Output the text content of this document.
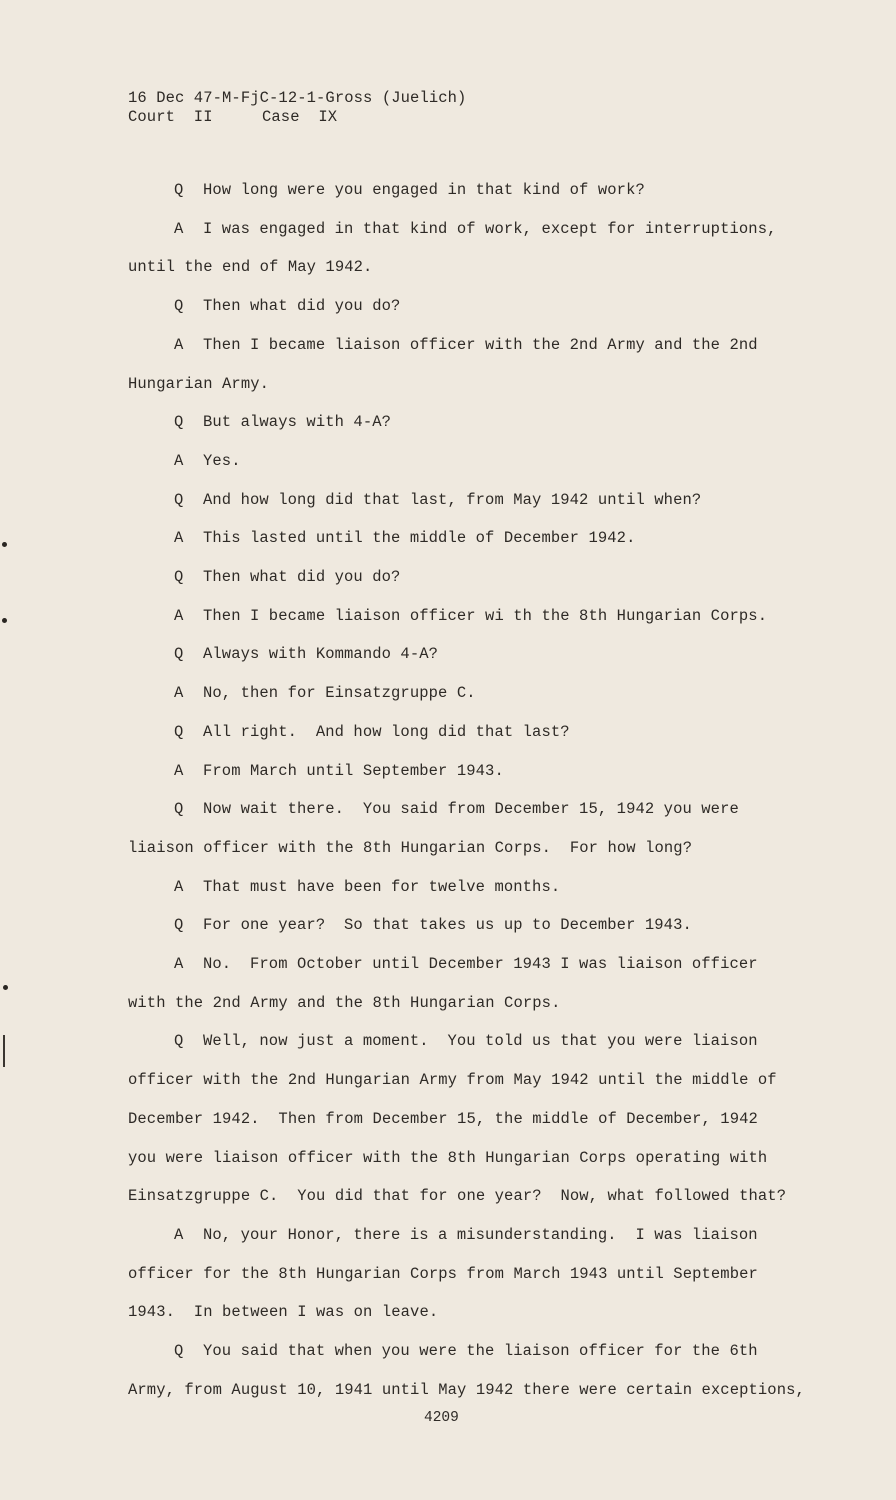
16 Dec 47-M-FjC-12-1-Gross (Juelich)
Court  II	Case  IX
Q How long were you engaged in that kind of work?
A I was engaged in that kind of work, except for interruptions,
until the end of May 1942.
Q Then what did you do?
A Then I became liaison officer with the 2nd Army and the 2nd
Hungarian Army.
Q But always with 4-A?
A Yes.
Q And how long did that last, from May 1942 until when?
A This lasted until the middle of December 1942.
Q Then what did you do?
A Then I became liaison officer wi th the 8th Hungarian Corps.
Q Always with Kommando 4-A?
A No, then for Einsatzgruppe C.
Q All right.  And how long did that last?
A From March until September 1943.
Q Now wait there.  You said from December 15, 1942 you were
liaison officer with the 8th Hungarian Corps.  For how long?
A That must have been for twelve months.
Q For one year?  So that takes us up to December 1943.
A No.  From October until December 1943 I was liaison officer
with the 2nd Army and the 8th Hungarian Corps.
Q Well, now just a moment.  You told us that you were liaison
officer with the 2nd Hungarian Army from May 1942 until the middle of
December 1942.  Then from December 15, the middle of December, 1942
you were liaison officer with the 8th Hungarian Corps operating with
Einsatzgruppe C.  You did that for one year?  Now, what followed that?
A No, your Honor, there is a misunderstanding.  I was liaison
officer for the 8th Hungarian Corps from March 1943 until September
1943.  In between I was on leave.
Q You said that when you were the liaison officer for the 6th
Army, from August 10, 1941 until May 1942 there were certain exceptions,
4209
